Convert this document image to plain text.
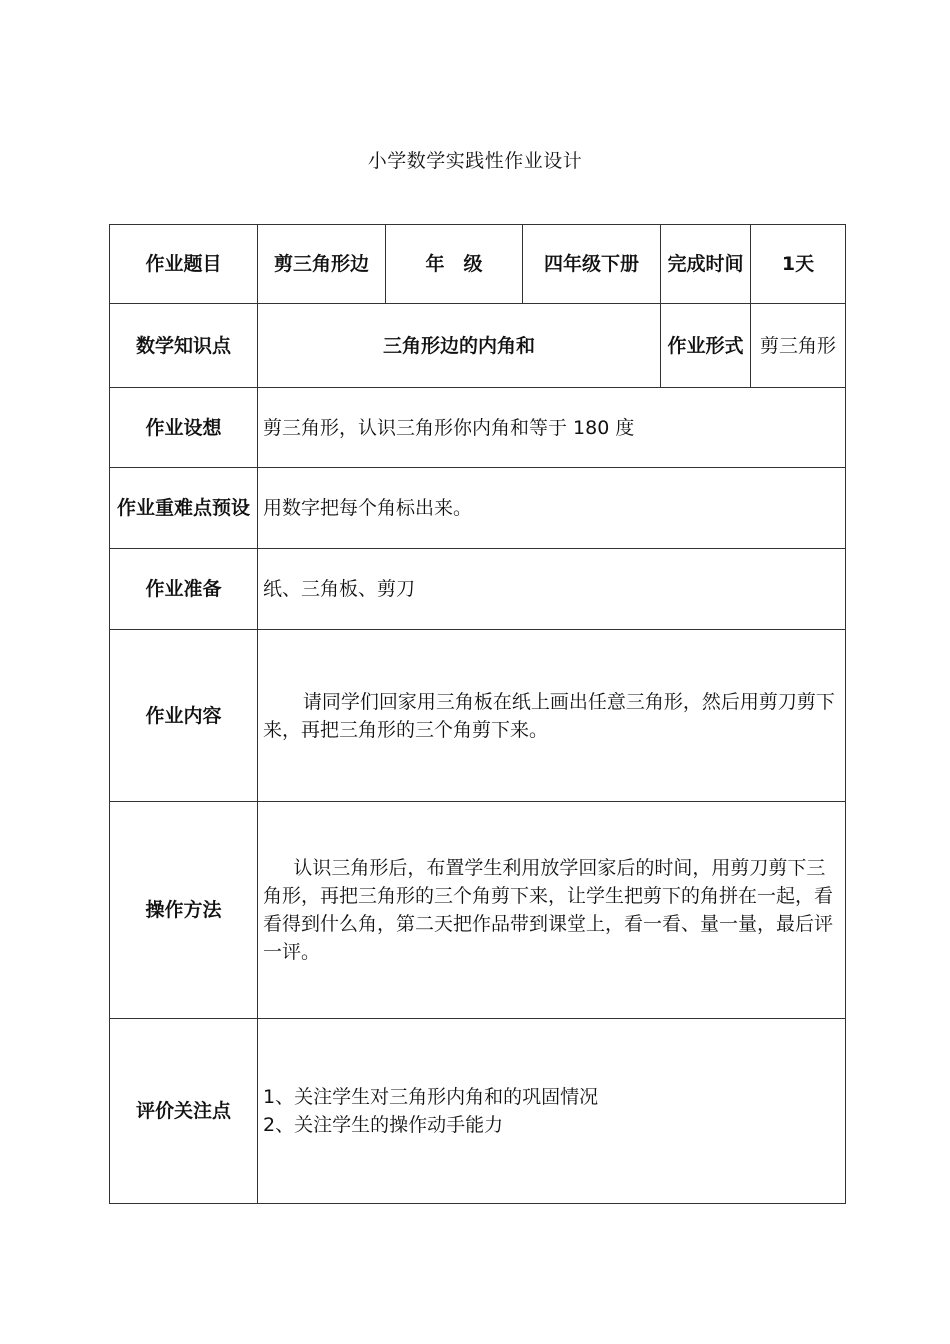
小学数学实践性作业设计
作业题目	剪三角形边	年　级	四年级下册	完成时间	1天
数学知识点	三角形边的内角和			作业形式	剪三角形
作业设想	剪三角形，认识三角形你内角和等于 180 度				
作业重难点预设	用数字把每个角标出来。				
作业准备	纸、三角板、剪刀				
作业内容	请同学们回家用三角板在纸上画出任意三角形，然后用剪刀剪下来，再把三角形的三个角剪下来。				

操作方法	认识三角形后，布置学生利用放学回家后的时间，用剪刀剪下三角形，再把三角形的三个角剪下来，让学生把剪下的角拼在一起，看看得到什么角，第二天把作品带到课堂上，看一看、量一量，最后评一评。				

评价关注点	1、关注学生对三角形内角和的巩固情况

2、关注学生的操作动手能力				
